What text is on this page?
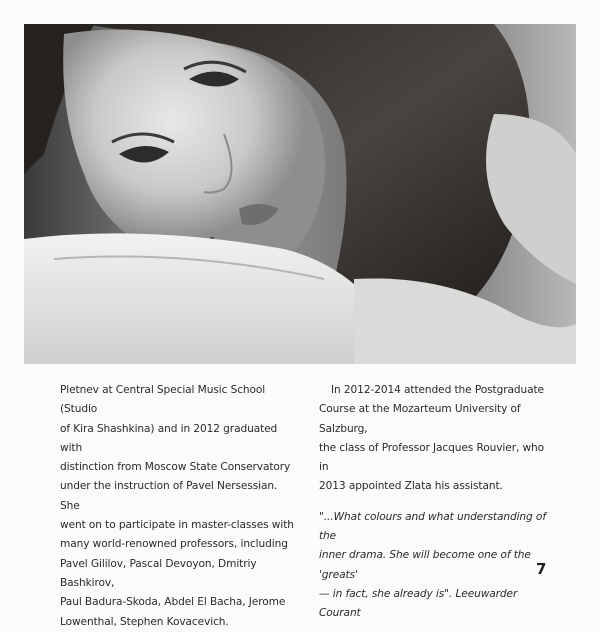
Pletnev at Central Special Music School (Studio

of Kira Shashkina) and in 2012 graduated with

distinction from Moscow State Conservatory

under the instruction of Pavel Nersessian. She

went on to participate in master-classes with

many world-renowned professors, including

Pavel Gililov, Pascal Devoyon, Dmitriy Bashkirov,

Paul Badura-Skoda, Abdel El Bacha, Jerome

Lowenthal, Stephen Kovacevich.

In 2012-2014 attended the Postgraduate

Course at the Mozarteum University of Salzburg,

the class of Professor Jacques Rouvier, who in

2013 appointed Zlata his assistant.

"...What colours and what understanding of the

inner drama. She will become one of the 'greats'

— in fact, she already is". Leeuwarder Courant

7
